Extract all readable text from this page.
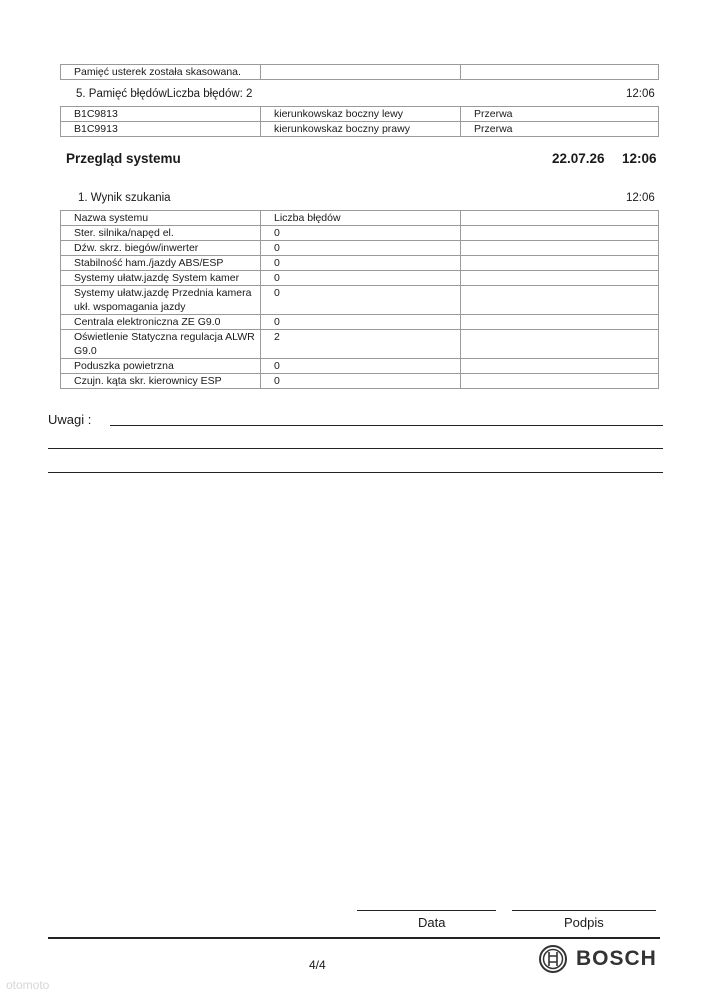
Pamięć usterek została skasowana.		
5. Pamięć błędówLiczba błędów: 2	12:06
B1C9813	kierunkowskaz boczny lewy	Przerwa
B1C9913	kierunkowskaz boczny prawy	Przerwa
Przegląd systemu	22.07.26 12:06
1. Wynik szukania	12:06
Nazwa systemu	Liczba błędów	
Ster. silnika/napęd el.	0	
Dźw. skrz. biegów/inwerter	0	
Stabilność ham./jazdy ABS/ESP	0	
Systemy ułatw.jazdę System kamer	0	
Systemy ułatw.jazdę Przednia kamera ukł. wspomagania jazdy	0	
Centrala elektroniczna ZE G9.0	0	
Oświetlenie Statyczna regulacja ALWR G9.0	2	
Poduszka powietrzna	0	
Czujn. kąta skr. kierownicy ESP	0	
Uwagi :
Data	Podpis
4/4	BOSCH
otomoto
